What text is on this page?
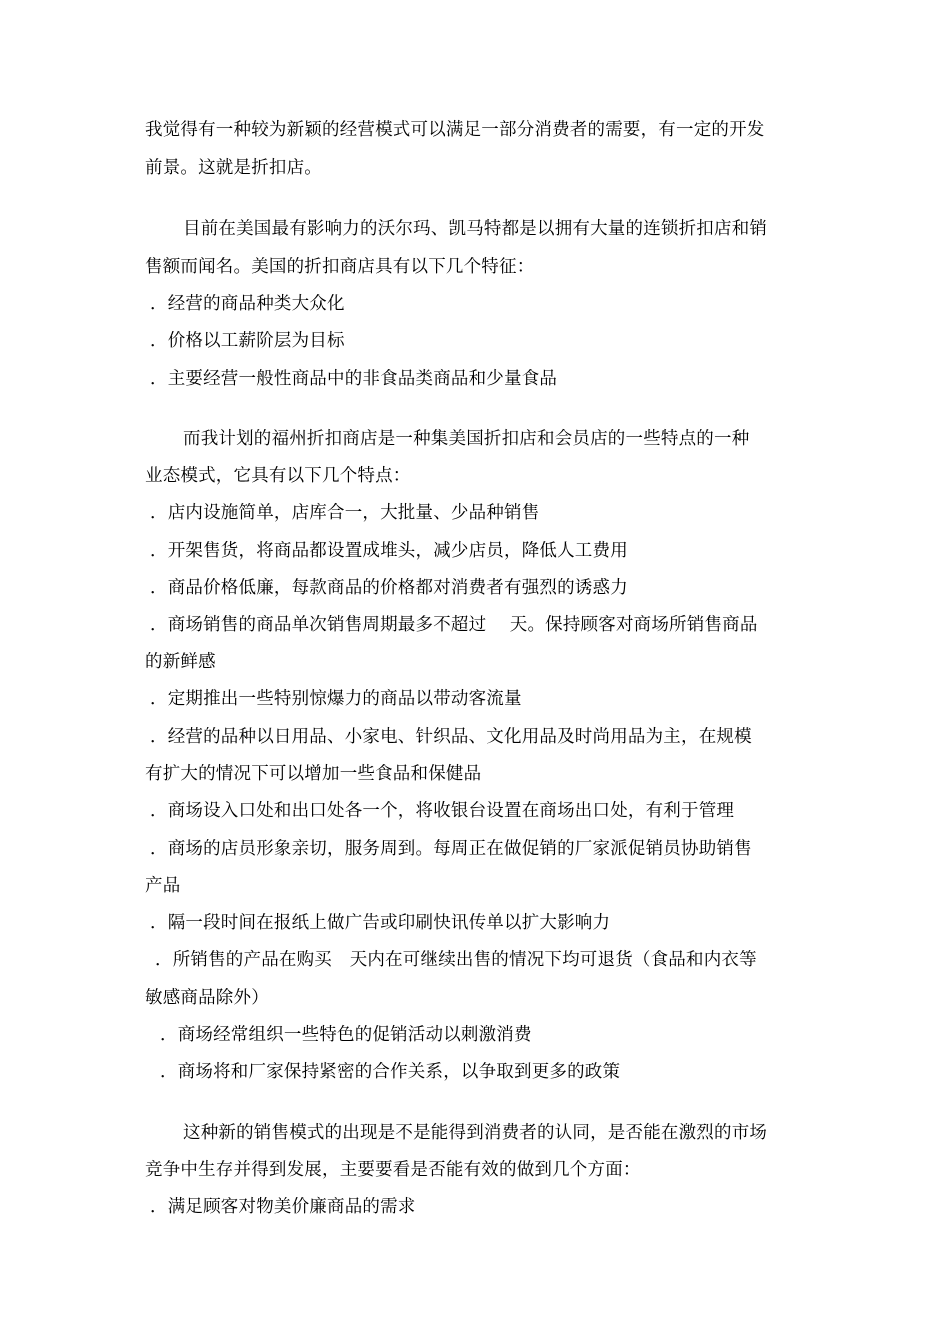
我觉得有一种较为新颖的经营模式可以满足一部分消费者的需要，有一定的开发
前景。这就是折扣店。
目前在美国最有影响力的沃尔玛、凯马特都是以拥有大量的连锁折扣店和销
售额而闻名。美国的折扣商店具有以下几个特征：
．经营的商品种类大众化
．价格以工薪阶层为目标
．主要经营一般性商品中的非食品类商品和少量食品
而我计划的福州折扣商店是一种集美国折扣店和会员店的一些特点的一种
业态模式，它具有以下几个特点：
．店内设施简单，店库合一，大批量、少品种销售
．开架售货，将商品都设置成堆头，减少店员，降低人工费用
．商品价格低廉，每款商品的价格都对消费者有强烈的诱惑力
．商场销售的商品单次销售周期最多不超过　 天。保持顾客对商场所销售商品
的新鲜感
．定期推出一些特别惊爆力的商品以带动客流量
．经营的品种以日用品、小家电、针织品、文化用品及时尚用品为主，在规模
有扩大的情况下可以增加一些食品和保健品
．商场设入口处和出口处各一个，将收银台设置在商场出口处，有利于管理
．商场的店员形象亲切，服务周到。每周正在做促销的厂家派促销员协助销售
产品
．隔一段时间在报纸上做广告或印刷快讯传单以扩大影响力
．所销售的产品在购买　天内在可继续出售的情况下均可退货（食品和内衣等
敏感商品除外）
．商场经常组织一些特色的促销活动以刺激消费
．商场将和厂家保持紧密的合作关系，以争取到更多的政策
这种新的销售模式的出现是不是能得到消费者的认同，是否能在激烈的市场
竞争中生存并得到发展，主要要看是否能有效的做到几个方面：
．满足顾客对物美价廉商品的需求
